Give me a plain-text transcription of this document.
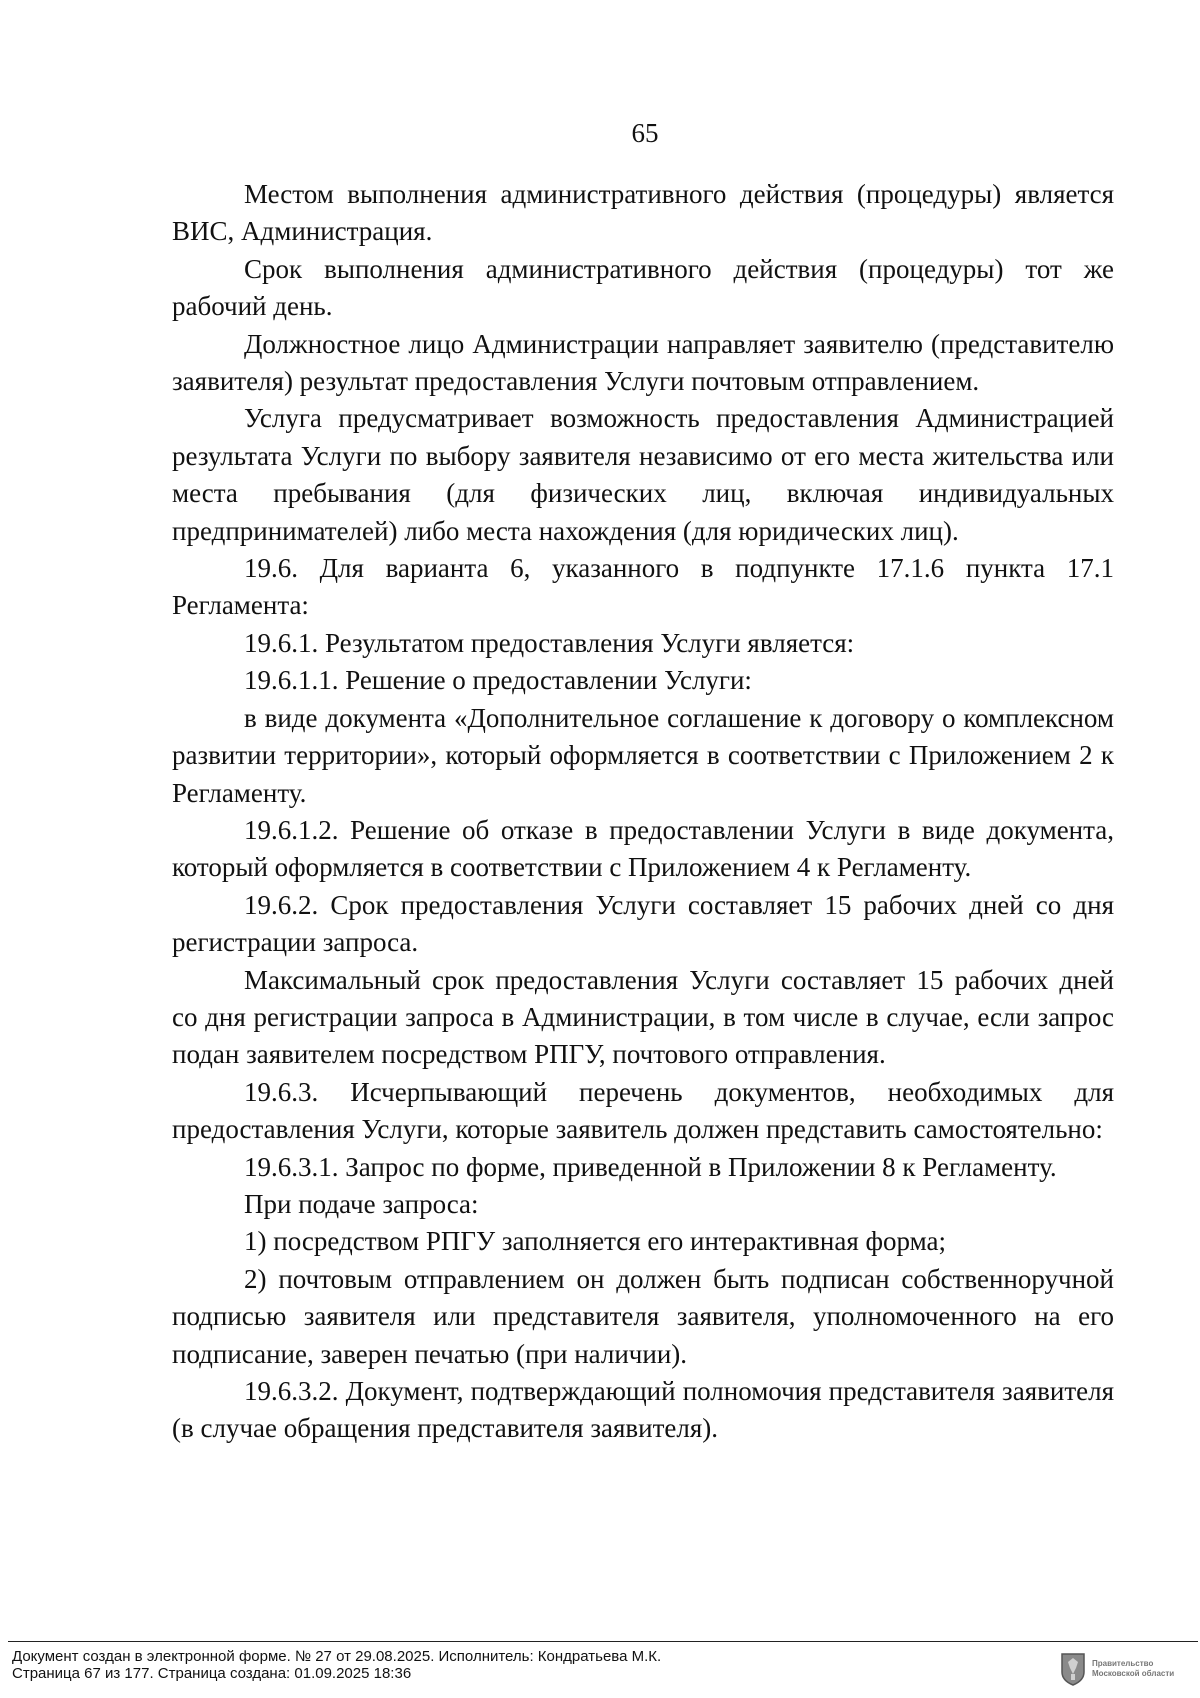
65

Местом выполнения административного действия (процедуры) является ВИС, Администрация.

Срок выполнения административного действия (процедуры) тот же рабочий день.

Должностное лицо Администрации направляет заявителю (представителю заявителя) результат предоставления Услуги почтовым отправлением.

Услуга предусматривает возможность предоставления Администрацией результата Услуги по выбору заявителя независимо от его места жительства или места пребывания (для физических лиц, включая индивидуальных предпринимателей) либо места нахождения (для юридических лиц).

19.6. Для варианта 6, указанного в подпункте 17.1.6 пункта 17.1 Регламента:

19.6.1. Результатом предоставления Услуги является:

19.6.1.1. Решение о предоставлении Услуги:

в виде документа «Дополнительное соглашение к договору о комплексном развитии территории», который оформляется в соответствии с Приложением 2 к Регламенту.

19.6.1.2. Решение об отказе в предоставлении Услуги в виде документа, который оформляется в соответствии с Приложением 4 к Регламенту.

19.6.2. Срок предоставления Услуги составляет 15 рабочих дней со дня регистрации запроса.

Максимальный срок предоставления Услуги составляет 15 рабочих дней со дня регистрации запроса в Администрации, в том числе в случае, если запрос подан заявителем посредством РПГУ, почтового отправления.

19.6.3. Исчерпывающий перечень документов, необходимых для предоставления Услуги, которые заявитель должен представить самостоятельно:

19.6.3.1. Запрос по форме, приведенной в Приложении 8 к Регламенту.

При подаче запроса:

1) посредством РПГУ заполняется его интерактивная форма;

2) почтовым отправлением он должен быть подписан собственноручной подписью заявителя или представителя заявителя, уполномоченного на его подписание, заверен печатью (при наличии).

19.6.3.2. Документ, подтверждающий полномочия представителя заявителя (в случае обращения представителя заявителя).

Документ создан в электронной форме. № 27 от 29.08.2025. Исполнитель: Кондратьева М.К.
Страница 67 из 177. Страница создана: 01.09.2025 18:36
Правительство
Московской области
